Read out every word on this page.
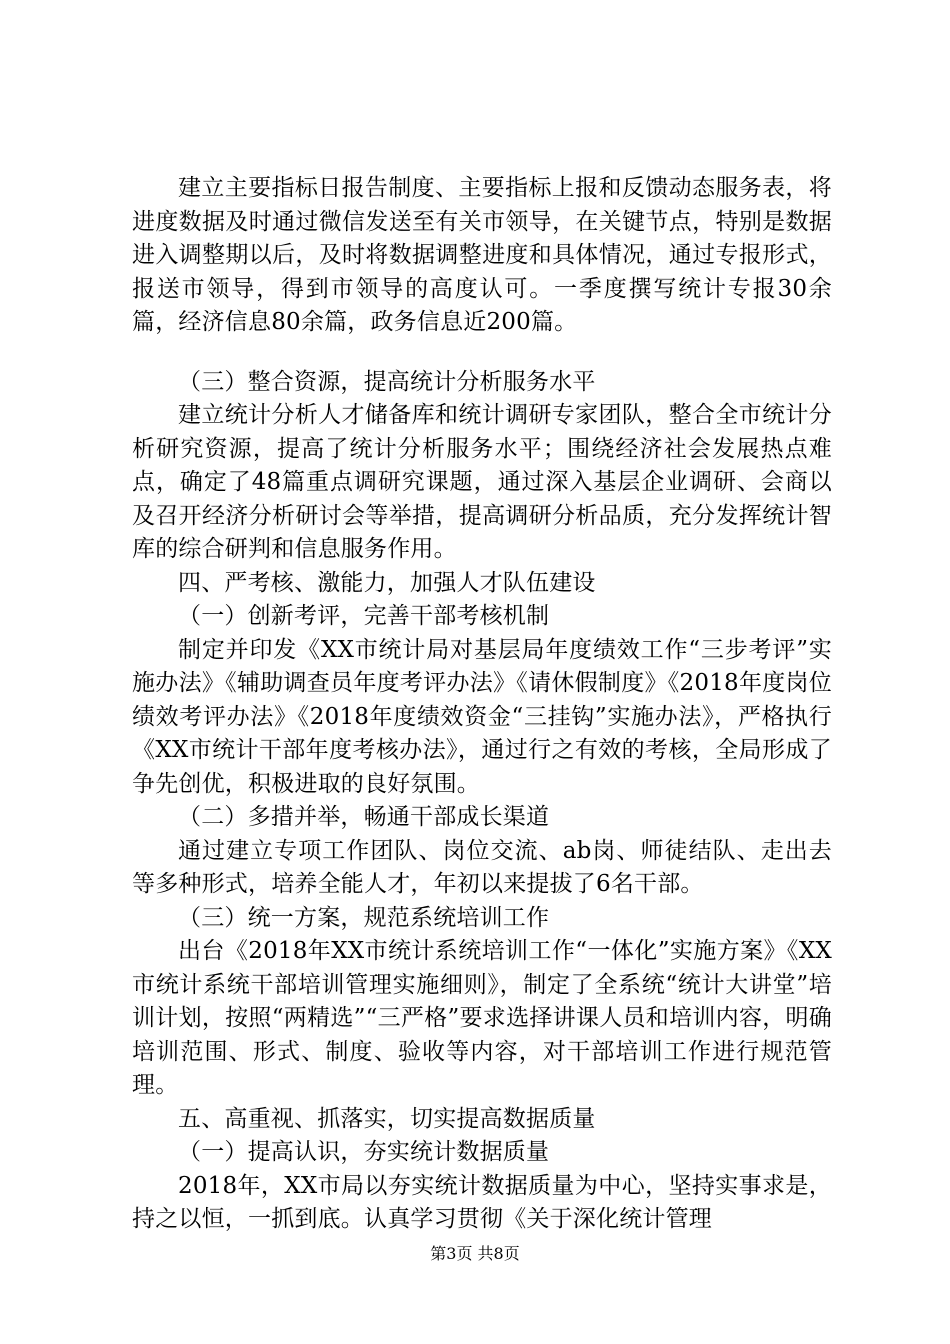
建立主要指标日报告制度、主要指标上报和反馈动态服务表，将进度数据及时通过微信发送至有关市领导，在关键节点，特别是数据进入调整期以后，及时将数据调整进度和具体情况，通过专报形式，报送市领导，得到市领导的高度认可。一季度撰写统计专报30余篇，经济信息80余篇，政务信息近200篇。

（三）整合资源，提高统计分析服务水平

建立统计分析人才储备库和统计调研专家团队，整合全市统计分析研究资源，提高了统计分析服务水平；围绕经济社会发展热点难点，确定了48篇重点调研究课题，通过深入基层企业调研、会商以及召开经济分析研讨会等举措，提高调研分析品质，充分发挥统计智库的综合研判和信息服务作用。

四、严考核、激能力，加强人才队伍建设

（一）创新考评，完善干部考核机制

制定并印发《XX市统计局对基层局年度绩效工作“三步考评”实施办法》《辅助调查员年度考评办法》《请休假制度》《2018年度岗位绩效考评办法》《2018年度绩效资金“三挂钩”实施办法》，严格执行《XX市统计干部年度考核办法》，通过行之有效的考核，全局形成了争先创优，积极进取的良好氛围。

（二）多措并举，畅通干部成长渠道

通过建立专项工作团队、岗位交流、ab岗、师徒结队、走出去等多种形式，培养全能人才，年初以来提拔了6名干部。

（三）统一方案，规范系统培训工作

出台《2018年XX市统计系统培训工作“一体化”实施方案》《XX市统计系统干部培训管理实施细则》，制定了全系统“统计大讲堂”培训计划，按照“两精选”“三严格”要求选择讲课人员和培训内容，明确培训范围、形式、制度、验收等内容，对干部培训工作进行规范管理。

五、高重视、抓落实，切实提高数据质量

（一）提高认识，夯实统计数据质量

2018年，XX市局以夯实统计数据质量为中心，坚持实事求是，持之以恒，一抓到底。认真学习贯彻《关于深化统计管理

第3页 共8页
